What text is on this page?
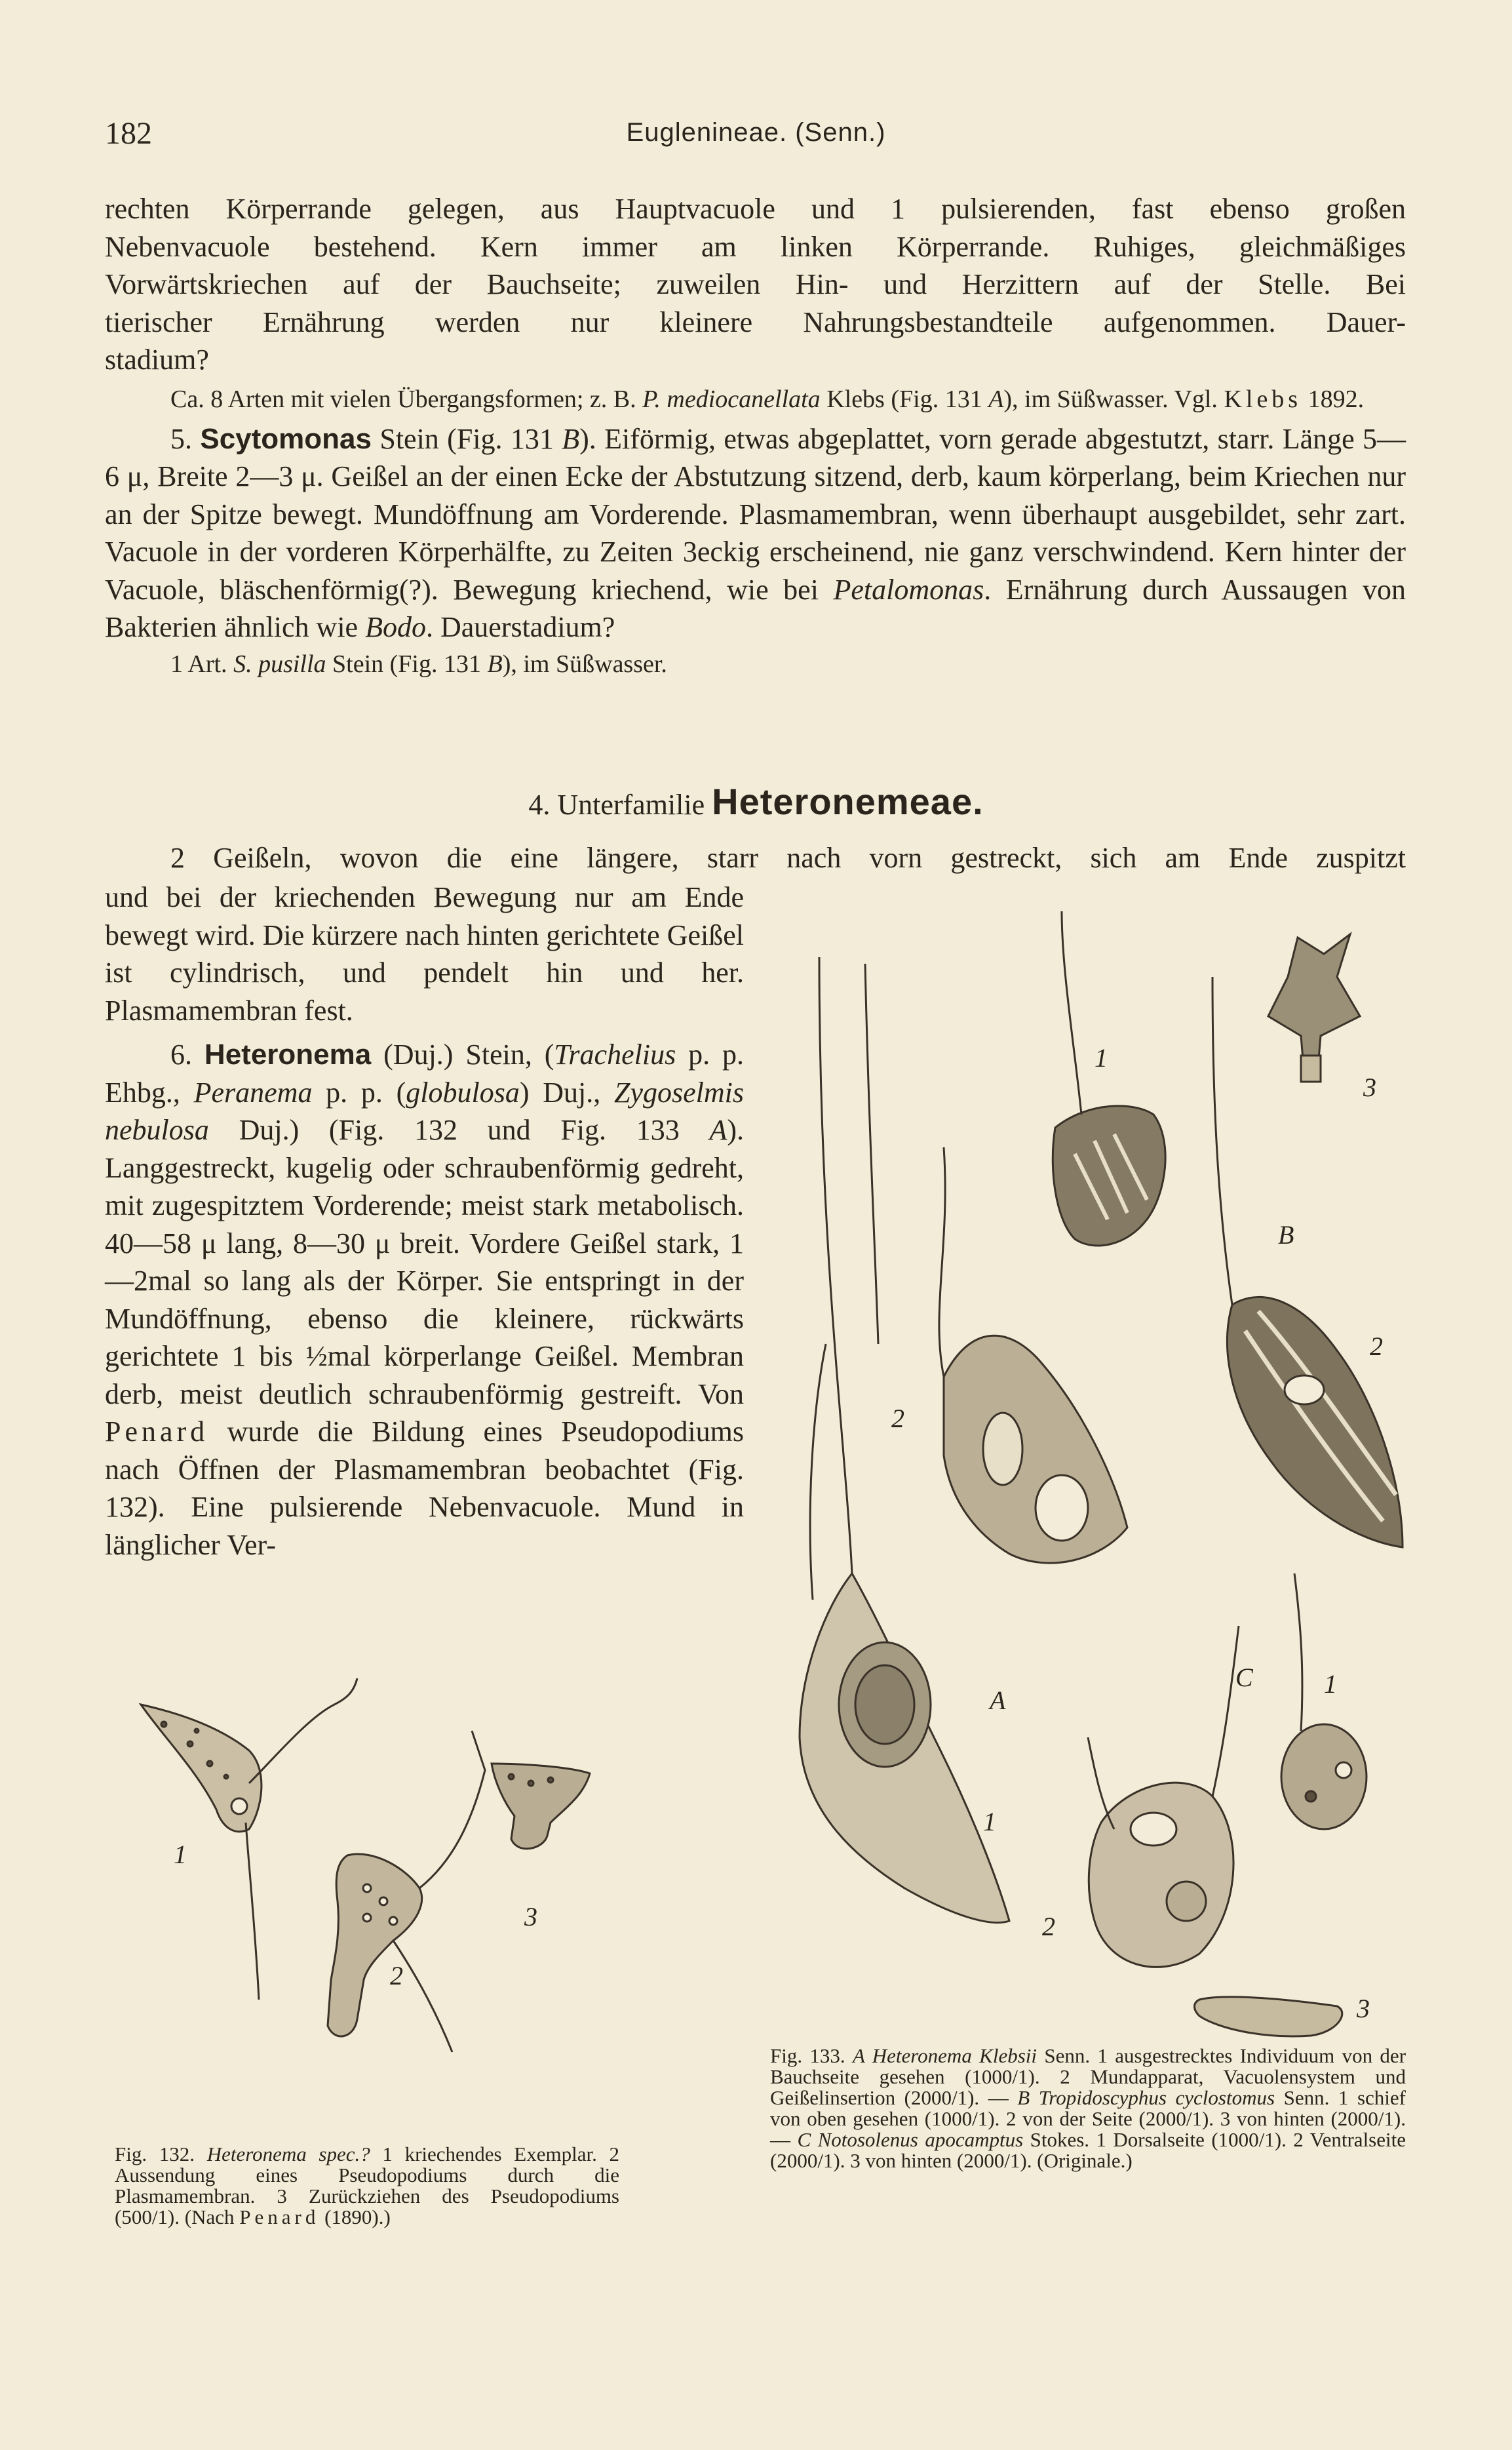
182	Euglenineae. (Senn.)
rechten Körperrande gelegen, aus Hauptvacuole und 1 pulsierenden, fast ebenso großen
Nebenvacuole bestehend. Kern immer am linken Körperrande. Ruhiges, gleichmäßiges
Vorwärtskriechen auf der Bauchseite; zuweilen Hin- und Herzittern auf der Stelle. Bei
tierischer Ernährung werden nur kleinere Nahrungsbestandteile aufgenommen. Dauer-
stadium?

Ca. 8 Arten mit vielen Übergangsformen; z. B. P. mediocanellata Klebs (Fig. 131 A), im Süßwasser. Vgl. Klebs 1892.

5. Scytomonas Stein (Fig. 131 B). Eiförmig, etwas abgeplattet, vorn gerade abgestutzt, starr. Länge 5—6 μ, Breite 2—3 μ. Geißel an der einen Ecke der Abstutzung sitzend, derb, kaum körperlang, beim Kriechen nur an der Spitze bewegt. Mundöffnung am Vorderende. Plasmamembran, wenn überhaupt ausgebildet, sehr zart. Vacuole in der vorderen Körperhälfte, zu Zeiten 3eckig erscheinend, nie ganz verschwindend. Kern hinter der Vacuole, bläschenförmig(?). Bewegung kriechend, wie bei Petalomonas. Ernährung durch Aussaugen von Bakterien ähnlich wie Bodo. Dauerstadium?

1 Art. S. pusilla Stein (Fig. 131 B), im Süßwasser.

4. Unterfamilie Heteronemeae.

2 Geißeln, wovon die eine längere, starr nach vorn gestreckt, sich am Ende zuspitzt

und bei der kriechenden Bewegung nur am Ende bewegt wird. Die kürzere nach hinten gerichtete Geißel ist cylindrisch, und pendelt hin und her. Plasmamembran fest.

6. Heteronema (Duj.) Stein, (Trachelius p. p. Ehbg., Peranema p. p. (globulosa) Duj., Zygoselmis nebulosa Duj.) (Fig. 132 und Fig. 133 A). Langgestreckt, kugelig oder schraubenförmig gedreht, mit zugespitztem Vorderende; meist stark metabolisch. 40—58 μ lang, 8—30 μ breit. Vordere Geißel stark, 1—2mal so lang als der Körper. Sie entspringt in der Mundöffnung, ebenso die kleinere, rückwärts gerichtete 1 bis ½mal körperlange Geißel. Membran derb, meist deutlich schraubenförmig gestreift. Von Penard wurde die Bildung eines Pseudopodiums nach Öffnen der Plasmamembran beobachtet (Fig. 132). Eine pulsierende Nebenvacuole. Mund in länglicher Ver-

1
2
3
1
3
B
2
2
C	1
A
1
2
3
Fig. 132. Heteronema spec.? 1 kriechendes Exemplar. 2 Aussendung eines Pseudopodiums durch die Plasmamembran. 3 Zurückziehen des Pseudopodiums (500/1). (Nach Penard (1890).)
Fig. 133. A Heteronema Klebsii Senn. 1 ausgestrecktes Individuum von der Bauchseite gesehen (1000/1). 2 Mundapparat, Vacuolensystem und Geißelinsertion (2000/1). — B Tropidoscyphus cyclostomus Senn. 1 schief von oben gesehen (1000/1). 2 von der Seite (2000/1). 3 von hinten (2000/1). — C Notosolenus apocamptus Stokes. 1 Dorsalseite (1000/1). 2 Ventralseite (2000/1). 3 von hinten (2000/1). (Originale.)
